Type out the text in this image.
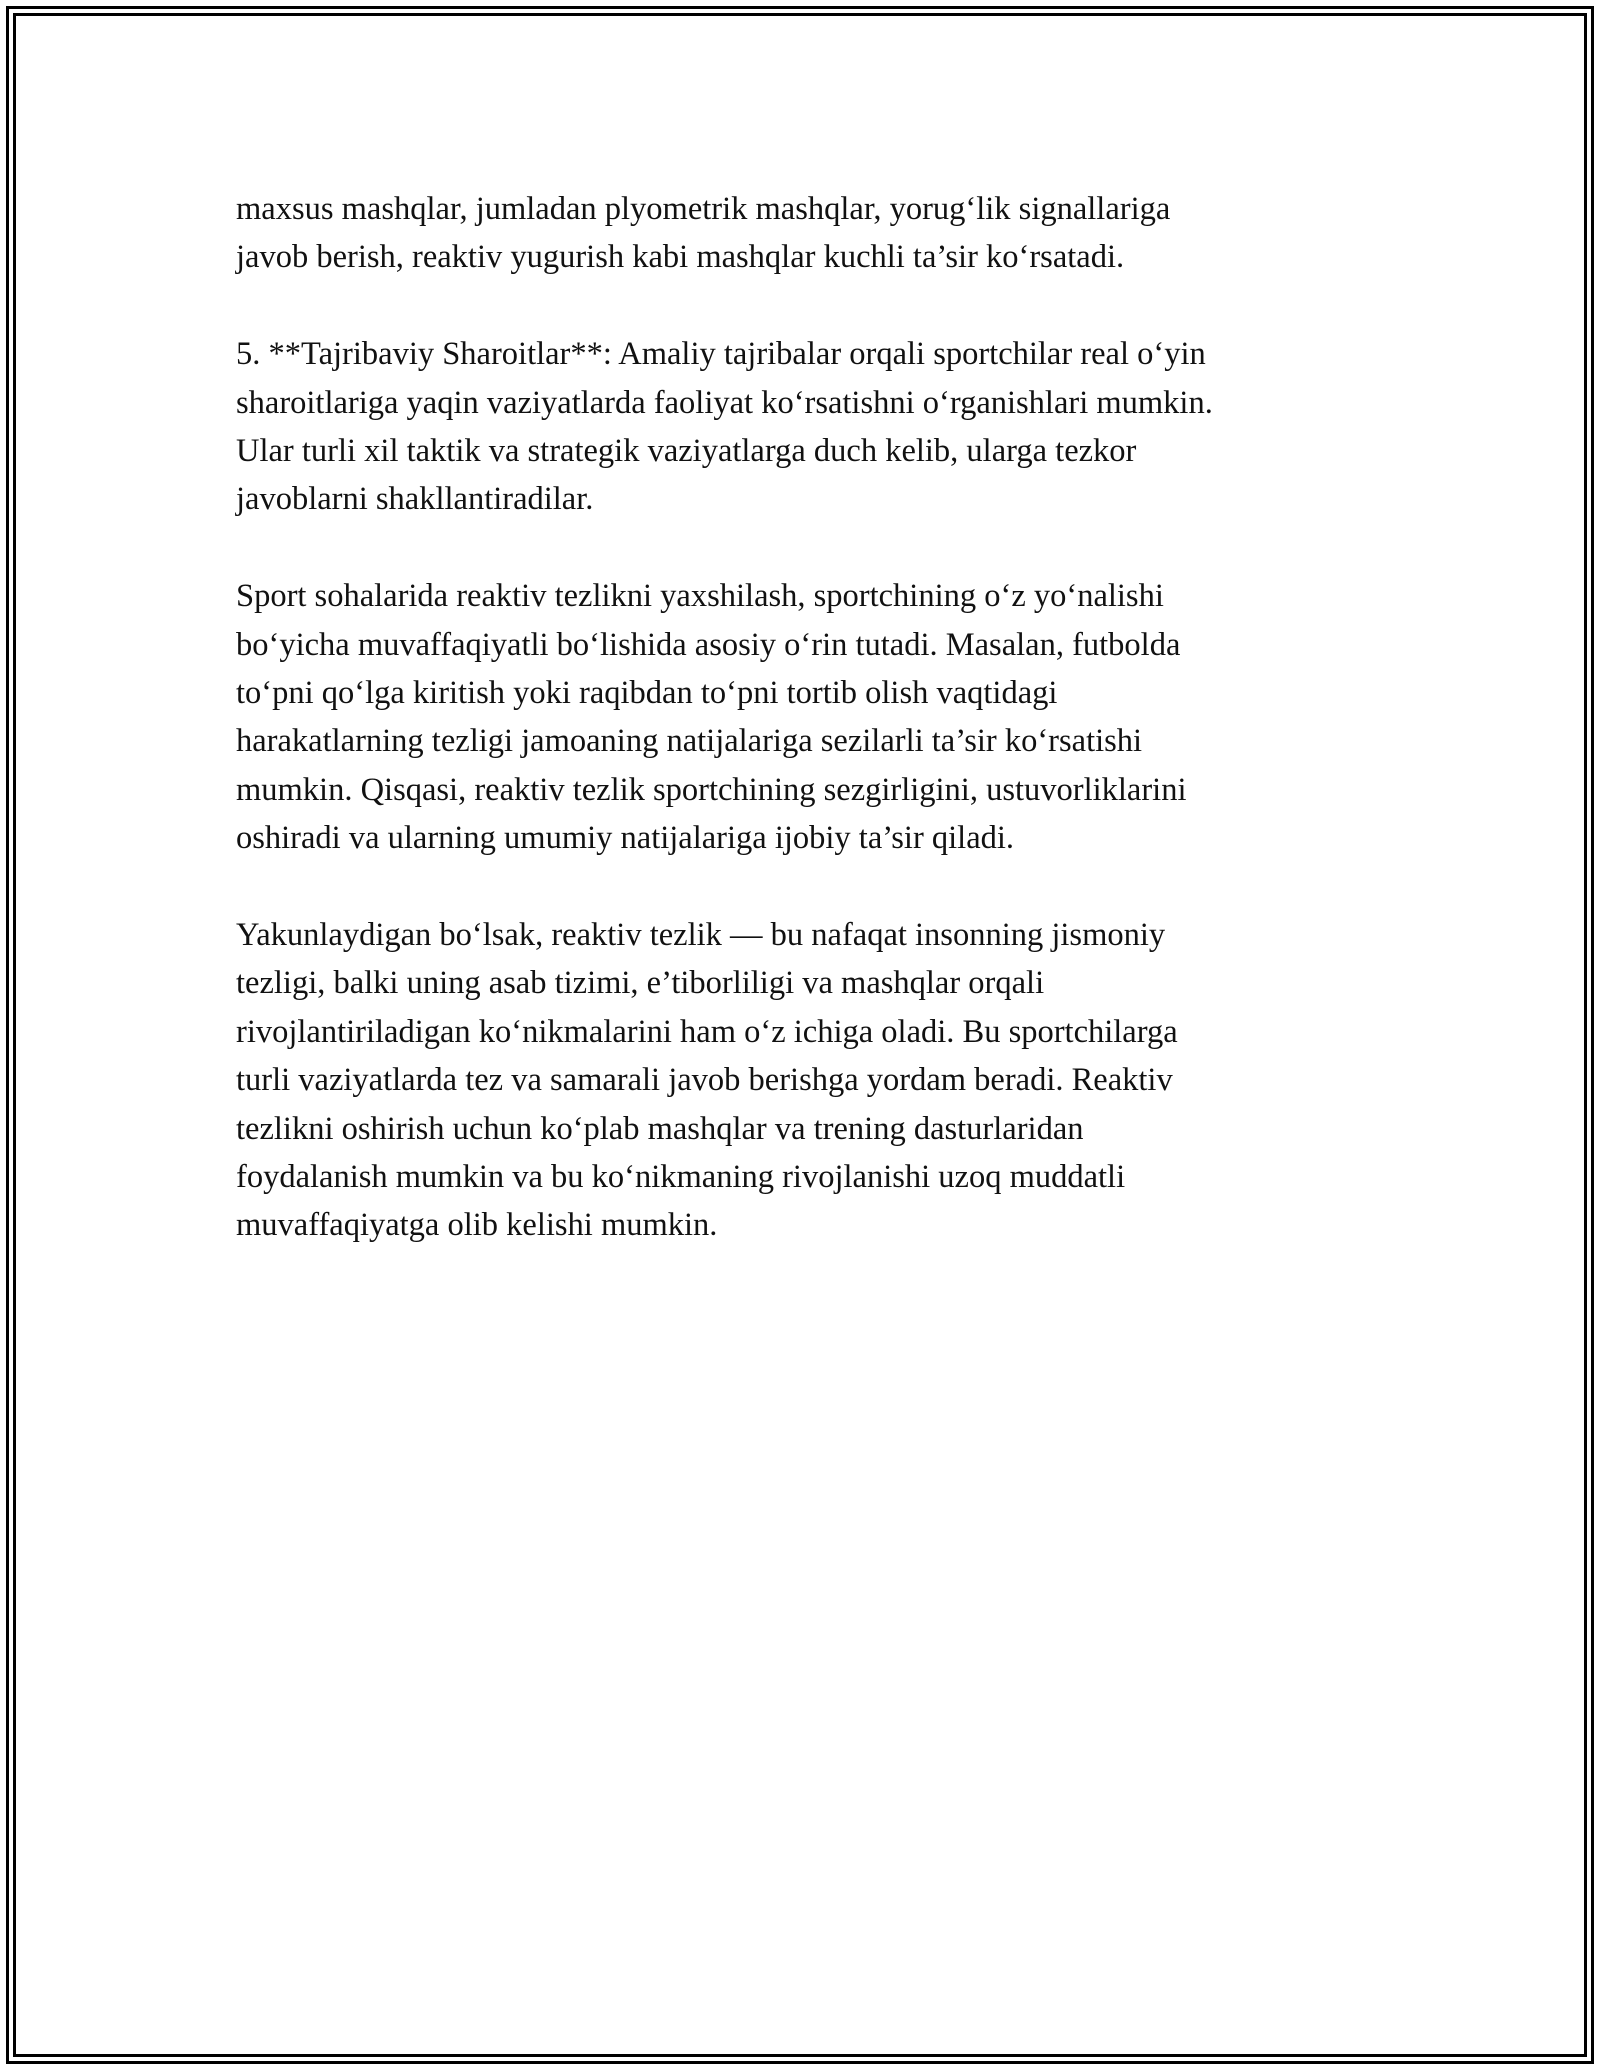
maxsus mashqlar, jumladan plyometrik mashqlar, yorug‘lik signallariga
javob berish, reaktiv yugurish kabi mashqlar kuchli ta’sir ko‘rsatadi.

5. **Tajribaviy Sharoitlar**: Amaliy tajribalar orqali sportchilar real o‘yin
sharoitlariga yaqin vaziyatlarda faoliyat ko‘rsatishni o‘rganishlari mumkin.
Ular turli xil taktik va strategik vaziyatlarga duch kelib, ularga tezkor
javoblarni shakllantiradilar.

Sport sohalarida reaktiv tezlikni yaxshilash, sportchining o‘z yo‘nalishi
bo‘yicha muvaffaqiyatli bo‘lishida asosiy o‘rin tutadi. Masalan, futbolda
to‘pni qo‘lga kiritish yoki raqibdan to‘pni tortib olish vaqtidagi
harakatlarning tezligi jamoaning natijalariga sezilarli ta’sir ko‘rsatishi
mumkin. Qisqasi, reaktiv tezlik sportchining sezgirligini, ustuvorliklarini
oshiradi va ularning umumiy natijalariga ijobiy ta’sir qiladi.

Yakunlaydigan bo‘lsak, reaktiv tezlik — bu nafaqat insonning jismoniy
tezligi, balki uning asab tizimi, e’tiborliligi va mashqlar orqali
rivojlantiriladigan ko‘nikmalarini ham o‘z ichiga oladi. Bu sportchilarga
turli vaziyatlarda tez va samarali javob berishga yordam beradi. Reaktiv
tezlikni oshirish uchun ko‘plab mashqlar va trening dasturlaridan
foydalanish mumkin va bu ko‘nikmaning rivojlanishi uzoq muddatli
muvaffaqiyatga olib kelishi mumkin.
